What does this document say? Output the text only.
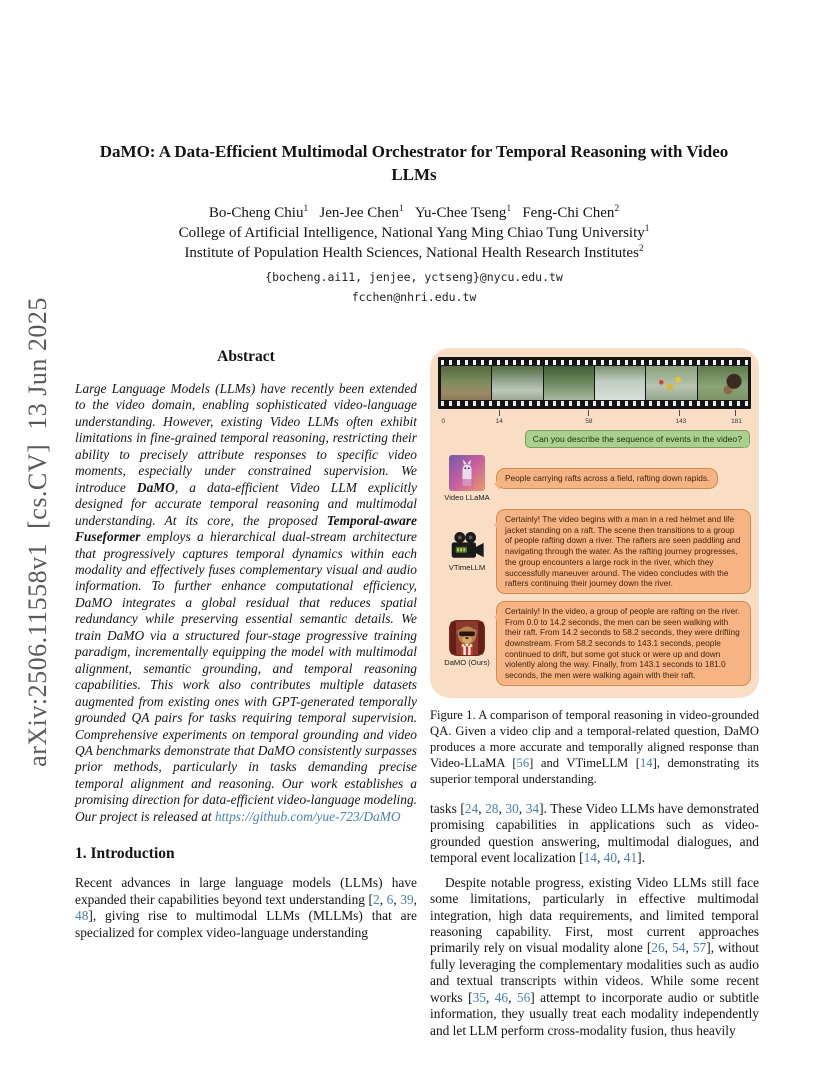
arXiv:2506.11558v1  [cs.CV]  13 Jun 2025
DaMO: A Data-Efficient Multimodal Orchestrator for Temporal Reasoning with Video LLMs
Bo-Cheng Chiu$^1$   Jen-Jee Chen$^1$   Yu-Chee Tseng$^1$   Feng-Chi Chen$^2$
College of Artificial Intelligence, National Yang Ming Chiao Tung University$^1$
Institute of Population Health Sciences, National Health Research Institutes$^2$
{bocheng.ai11, jenjee, yctseng}@nycu.edu.tw
fcchen@nhri.edu.tw
Abstract

Large Language Models (LLMs) have recently been extended to the video domain, enabling sophisticated video-language understanding. However, existing Video LLMs often exhibit limitations in fine-grained temporal reasoning, restricting their ability to precisely attribute responses to specific video moments, especially under constrained supervision. We introduce DaMO, a data-efficient Video LLM explicitly designed for accurate temporal reasoning and multimodal understanding. At its core, the proposed Temporal-aware Fuseformer employs a hierarchical dual-stream architecture that progressively captures temporal dynamics within each modality and effectively fuses complementary visual and audio information. To further enhance computational efficiency, DaMO integrates a global residual that reduces spatial redundancy while preserving essential semantic details. We train DaMO via a structured four-stage progressive training paradigm, incrementally equipping the model with multimodal alignment, semantic grounding, and temporal reasoning capabilities. This work also contributes multiple datasets augmented from existing ones with GPT-generated temporally grounded QA pairs for tasks requiring temporal supervision. Comprehensive experiments on temporal grounding and video QA benchmarks demonstrate that DaMO consistently surpasses prior methods, particularly in tasks demanding precise temporal alignment and reasoning. Our work establishes a promising direction for data-efficient video-language modeling. Our project is released at https://github.com/yue-723/DaMO

1. Introduction

Recent advances in large language models (LLMs) have expanded their capabilities beyond text understanding [2, 6, 39, 48], giving rise to multimodal LLMs (MLLMs) that are specialized for complex video-language understanding

0	14	58	143	181
Can you describe the sequence of events in the video?
Video LLaMA
People carrying rafts across a field, rafting down rapids.
VTimeLLM
Certainly! The video begins with a man in a red helmet and life jacket standing on a raft. The scene then transitions to a group of people rafting down a river. The rafters are seen paddling and navigating through the water. As the rafting journey progresses, the group encounters a large rock in the river, which they successfully maneuver around. The video concludes with the rafters continuing their journey down the river.
DaMO (Ours)
Certainly! In the video, a group of people are rafting on the river. From 0.0 to 14.2 seconds, the men can be seen walking with their raft. From 14.2 seconds to 58.2 seconds, they were drifting downstream. From 58.2 seconds to 143.1 seconds, people continued to drift, but some got stuck or were up and down violently along the way. Finally, from 143.1 seconds to 181.0 seconds, the men were walking again with their raft.

Figure 1. A comparison of temporal reasoning in video-grounded QA. Given a video clip and a temporal-related question, DaMO produces a more accurate and temporally aligned response than Video-LLaMA [56] and VTimeLLM [14], demonstrating its superior temporal understanding.

tasks [24, 28, 30, 34]. These Video LLMs have demonstrated promising capabilities in applications such as video-grounded question answering, multimodal dialogues, and temporal event localization [14, 40, 41].

Despite notable progress, existing Video LLMs still face some limitations, particularly in effective multimodal integration, high data requirements, and limited temporal reasoning capability. First, most current approaches primarily rely on visual modality alone [26, 54, 57], without fully leveraging the complementary modalities such as audio and textual transcripts within videos. While some recent works [35, 46, 56] attempt to incorporate audio or subtitle information, they usually treat each modality independently and let LLM perform cross-modality fusion, thus heavily
